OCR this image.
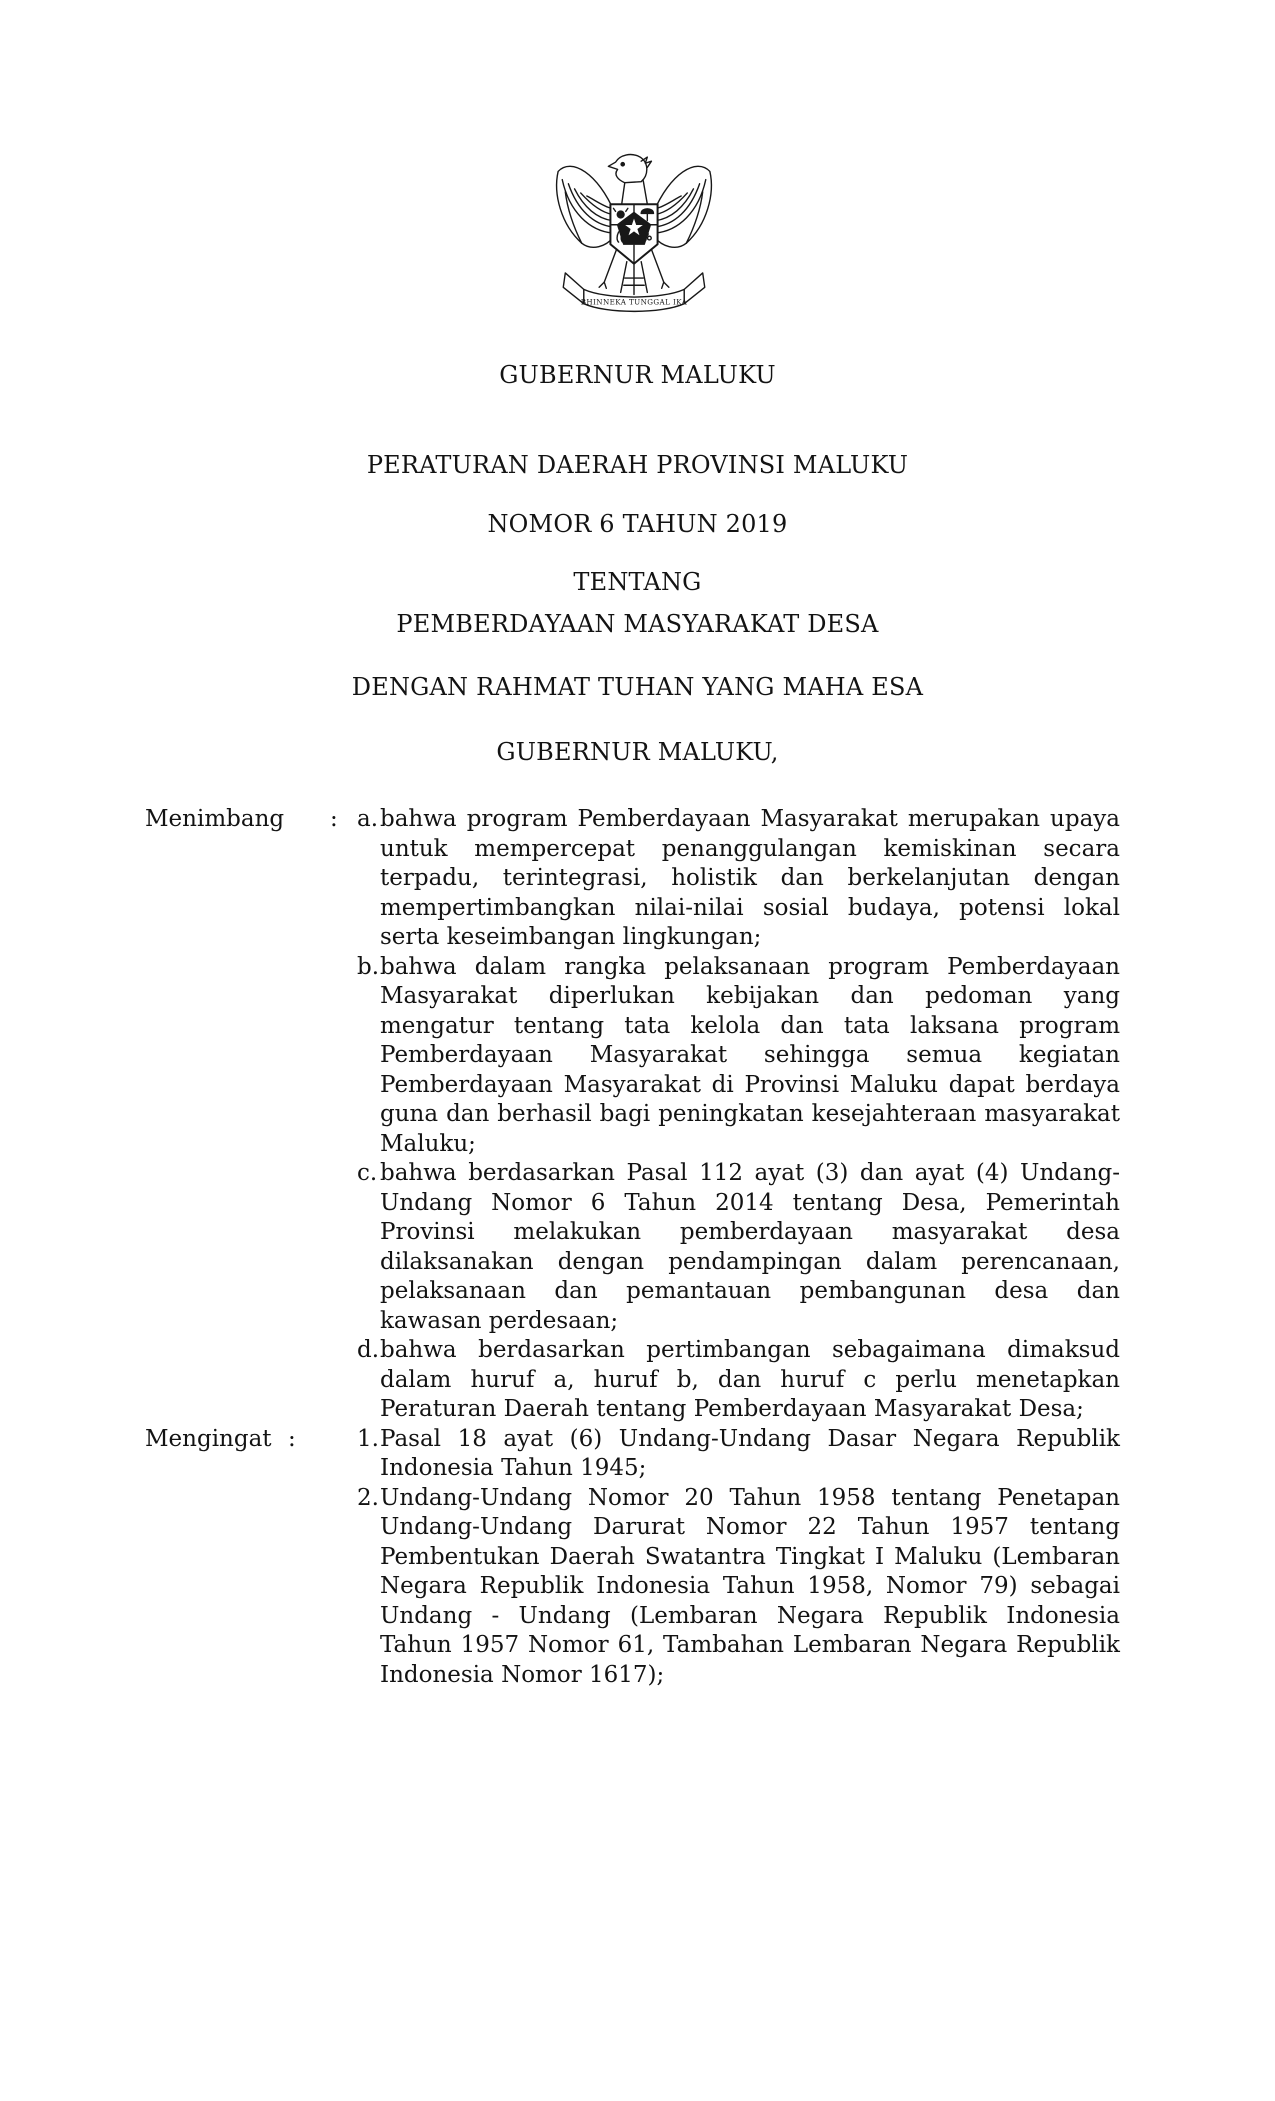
BHINNEKA TUNGGAL IKA
GUBERNUR MALUKU
PERATURAN DAERAH PROVINSI MALUKU
NOMOR 6 TAHUN 2019
TENTANG
PEMBERDAYAAN MASYARAKAT DESA
DENGAN RAHMAT TUHAN YANG MAHA ESA
GUBERNUR MALUKU,
Menimbang : a.bahwa program Pemberdayaan Masyarakat merupakan upaya untuk mempercepat penanggulangan kemiskinan secara terpadu, terintegrasi, holistik dan berkelanjutan dengan mempertimbangkan nilai-nilai sosial budaya, potensi lokal serta keseimbangan lingkungan;

b.bahwa dalam rangka pelaksanaan program Pemberdayaan Masyarakat diperlukan kebijakan dan pedoman yang mengatur tentang tata kelola dan tata laksana program Pemberdayaan Masyarakat sehingga semua kegiatan Pemberdayaan Masyarakat di Provinsi Maluku dapat berdaya guna dan berhasil bagi peningkatan kesejahteraan masyarakat Maluku;

c. bahwa berdasarkan Pasal 112 ayat (3) dan ayat (4) Undang-Undang Nomor 6 Tahun 2014 tentang Desa, Pemerintah Provinsi melakukan pemberdayaan masyarakat desa dilaksanakan dengan pendampingan dalam perencanaan, pelaksanaan dan pemantauan pembangunan desa dan kawasan perdesaan;

d.bahwa berdasarkan pertimbangan sebagaimana dimaksud dalam huruf a, huruf b, dan huruf c perlu menetapkan Peraturan Daerah tentang Pemberdayaan Masyarakat Desa;

Mengingat :	1.Pasal 18 ayat (6) Undang-Undang Dasar Negara Republik Indonesia Tahun 1945;

2.Undang-Undang Nomor 20 Tahun 1958 tentang Penetapan Undang-Undang Darurat Nomor 22 Tahun 1957 tentang Pembentukan Daerah Swatantra Tingkat I Maluku (Lembaran Negara Republik Indonesia Tahun 1958, Nomor 79) sebagai Undang - Undang (Lembaran Negara Republik Indonesia Tahun 1957 Nomor 61, Tambahan Lembaran Negara Republik Indonesia Nomor 1617);
